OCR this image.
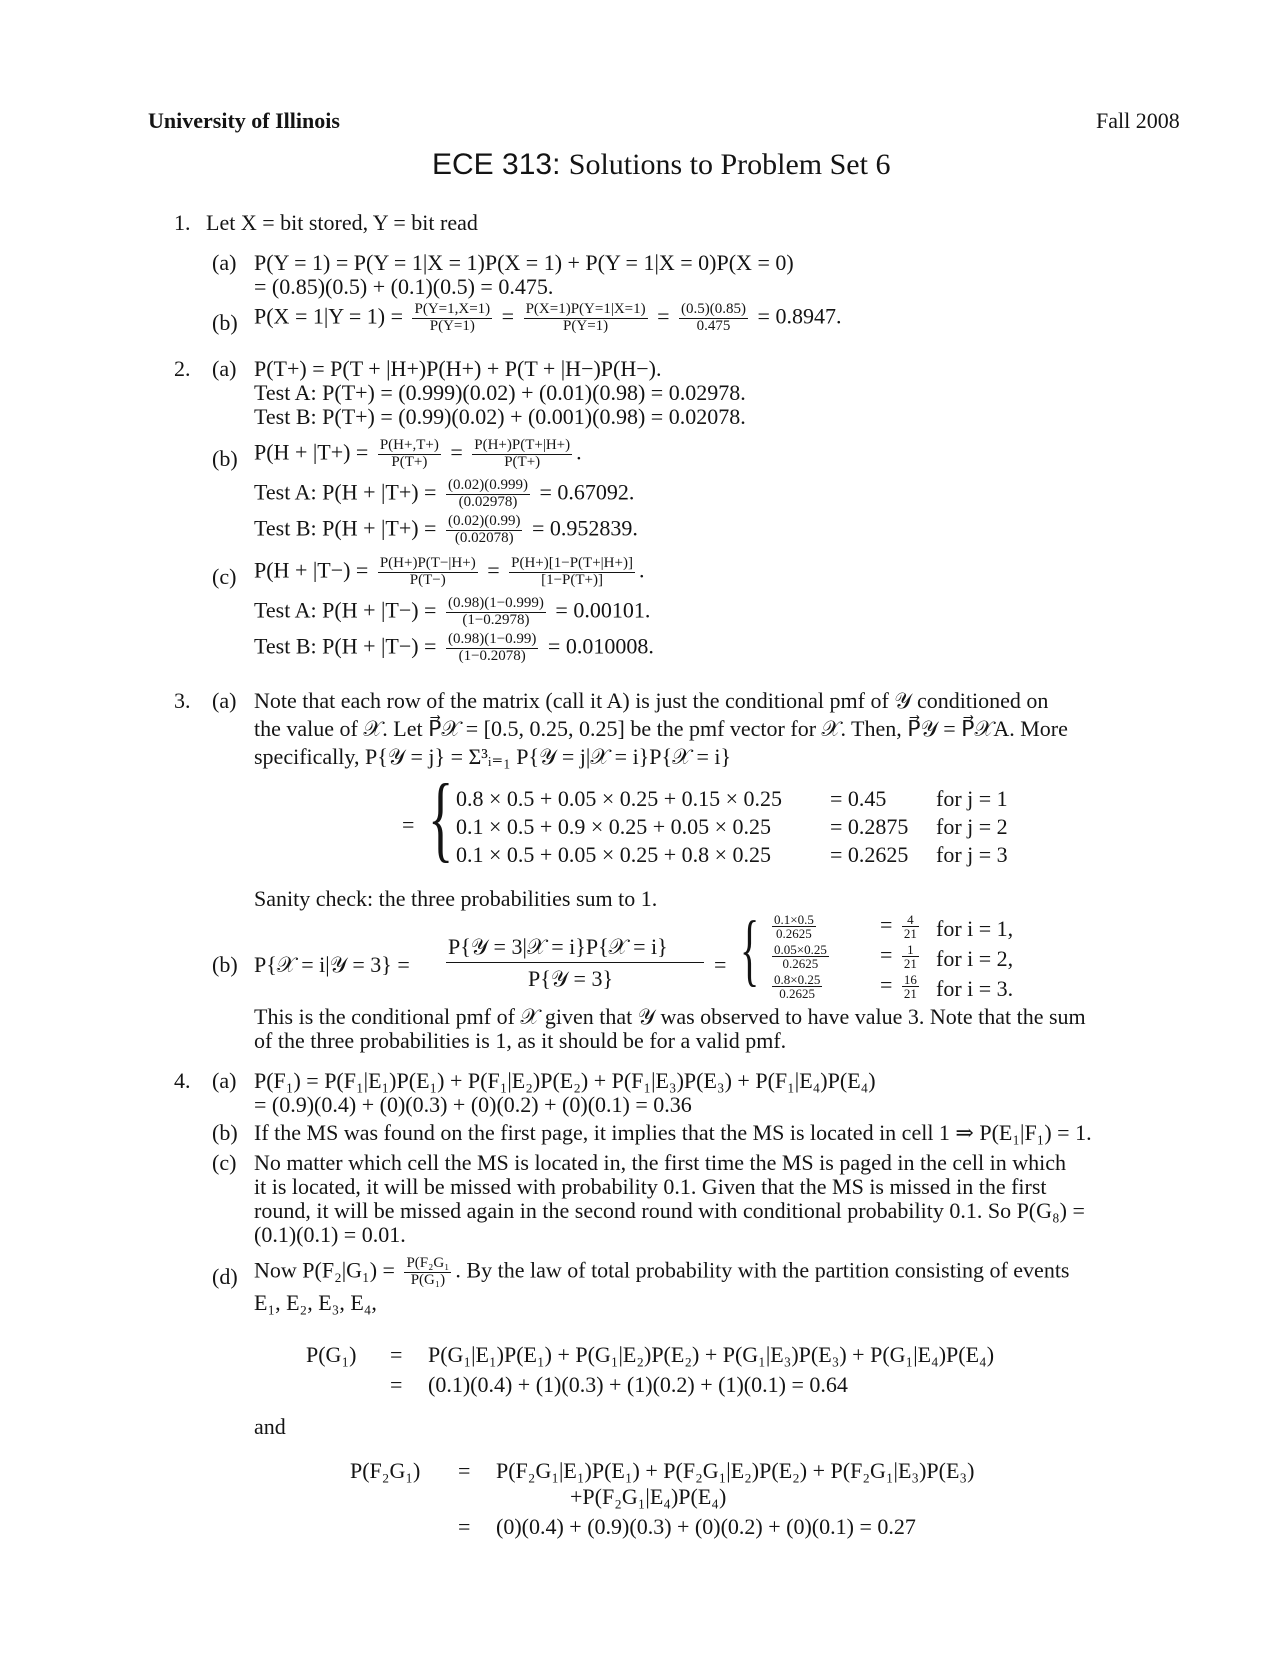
University of Illinois	Fall 2008
ECE 313: Solutions to Problem Set 6
1. Let X = bit stored, Y = bit read
(a) P(Y = 1) = P(Y = 1|X = 1)P(X = 1) + P(Y = 1|X = 0)P(X = 0)
= (0.85)(0.5) + (0.1)(0.5) = 0.475.
(b) $P(X = 1|Y = 1) = \frac{P(Y=1,X=1)}{P(Y=1)} = \frac{P(X=1)P(Y=1|X=1)}{P(Y=1)} = \frac{(0.5)(0.85)}{0.475} = 0.8947$.
2. (a) P(T+) = P(T + |H+)P(H+) + P(T + |H−)P(H−).
Test A: P(T+) = (0.999)(0.02) + (0.01)(0.98) = 0.02978.
Test B: P(T+) = (0.99)(0.02) + (0.001)(0.98) = 0.02078.
(b) $P(H + |T+) = \frac{P(H+,T+)}{P(T+)} = \frac{P(H+)P(T+|H+)}{P(T+)}$ .
Test A: $P(H + |T+) = \frac{(0.02)(0.999)}{(0.02978)} = 0.67092$.
Test B: $P(H + |T+) = \frac{(0.02)(0.99)}{(0.02078)} = 0.952839$.
(c) $P(H + |T-) = \frac{P(H+)P(T-|H+)}{P(T-)} = \frac{P(H+)[1-P(T+|H+)]}{[1-P(T+)]}$ .
Test A: $P(H + |T-) = \frac{(0.98)(1-0.999)}{(1-0.2978)} = 0.00101$.
Test B: $P(H + |T-) = \frac{(0.98)(1-0.99)}{(1-0.2078)} = 0.010008$.
3. (a) Note that each row of the matrix (call it A) is just the conditional pmf of 𝒴 conditioned on
the value of 𝒳. Let P⃗𝒳 = [0.5, 0.25, 0.25] be the pmf vector for 𝒳. Then, P⃗𝒴 = P⃗𝒳A. More
specifically, P{𝒴 = j} = Σ³ᵢ₌₁ P{𝒴 = j|𝒳 = i}P{𝒳 = i}
= { 0.8 × 0.5 + 0.05 × 0.25 + 0.15 × 0.25 = 0.45 for j = 1
0.1 × 0.5 + 0.9 × 0.25 + 0.05 × 0.25	= 0.2875 for j = 2
0.1 × 0.5 + 0.05 × 0.25 + 0.8 × 0.25	= 0.2625 for j = 3
Sanity check: the three probabilities sum to 1.
(b) P{𝒳 = i|𝒴 = 3} =
P{𝒴 = 3|𝒳 = i}P{𝒳 = i}
P{𝒴 = 3}
= { $\frac{0.1\times 0.5}{0.2625}$	= $\frac{4}{21}$ for i = 1,
$\frac{0.05\times 0.25}{0.2625} = \frac{1}{21}$ for i = 2,
$\frac{0.8\times 0.25}{0.2625}$	= $\frac{16}{21}$ for i = 3.
This is the conditional pmf of 𝒳 given that 𝒴 was observed to have value 3. Note that the sum
of the three probabilities is 1, as it should be for a valid pmf.
4. (a) P(F₁) = P(F₁|E₁)P(E₁) + P(F₁|E₂)P(E₂) + P(F₁|E₃)P(E₃) + P(F₁|E₄)P(E₄)
= (0.9)(0.4) + (0)(0.3) + (0)(0.2) + (0)(0.1) = 0.36
(b) If the MS was found on the first page, it implies that the MS is located in cell 1 ⇒ P(E₁|F₁) = 1.
(c) No matter which cell the MS is located in, the first time the MS is paged in the cell in which
it is located, it will be missed with probability 0.1. Given that the MS is missed in the first
round, it will be missed again in the second round with conditional probability 0.1. So P(G₈) =
(0.1)(0.1) = 0.01.
(d) Now $P(F_2|G_1) = \frac{\text{P(F₂G₁}}{\text{P(G₁)}}$ . By the law of total probability with the partition consisting of events
E₁, E₂, E₃, E₄,
P(G₁) = P(G₁|E₁)P(E₁) + P(G₁|E₂)P(E₂) + P(G₁|E₃)P(E₃) + P(G₁|E₄)P(E₄)
= (0.1)(0.4) + (1)(0.3) + (1)(0.2) + (1)(0.1) = 0.64
and
P(F₂G₁) = P(F₂G₁|E₁)P(E₁) + P(F₂G₁|E₂)P(E₂) + P(F₂G₁|E₃)P(E₃)
+P(F₂G₁|E₄)P(E₄)
= (0)(0.4) + (0.9)(0.3) + (0)(0.2) + (0)(0.1) = 0.27
